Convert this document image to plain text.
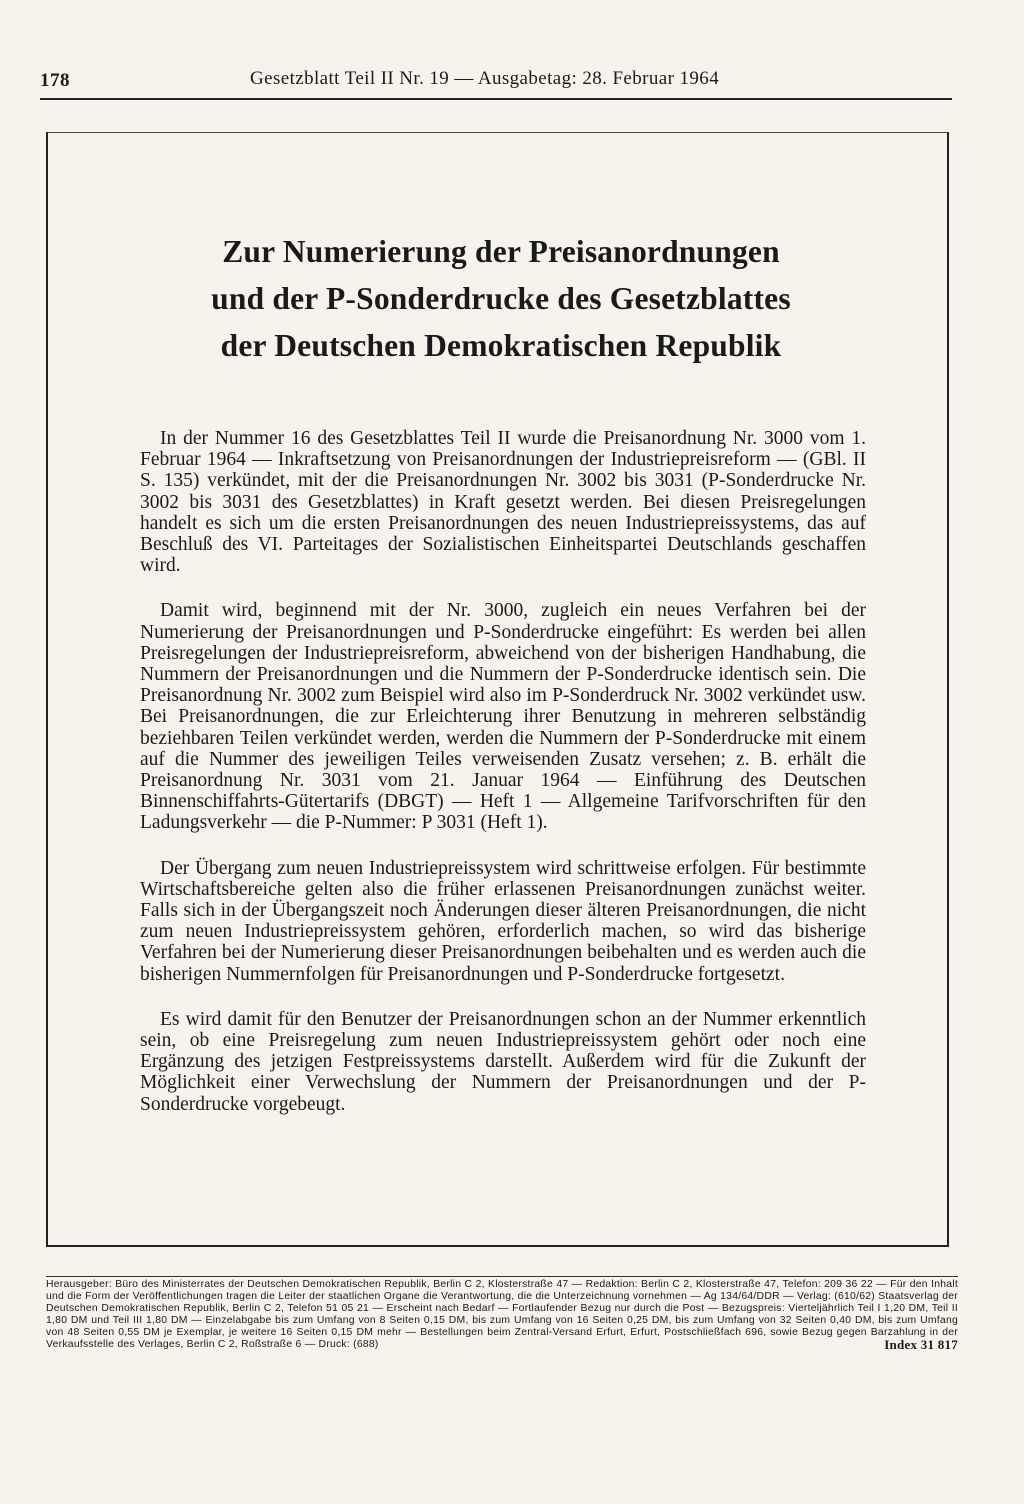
178	Gesetzblatt Teil II Nr. 19 — Ausgabetag: 28. Februar 1964
Zur Numerierung der Preisanordnungen
und der P-Sonderdrucke des Gesetzblattes
der Deutschen Demokratischen Republik

In der Nummer 16 des Gesetzblattes Teil II wurde die Preisanordnung Nr. 3000 vom 1. Februar 1964 — Inkraftsetzung von Preisanordnungen der Industriepreisreform — (GBl. II S. 135) verkündet, mit der die Preisanordnungen Nr. 3002 bis 3031 (P-Sonderdrucke Nr. 3002 bis 3031 des Gesetzblattes) in Kraft gesetzt werden. Bei diesen Preisregelungen handelt es sich um die ersten Preisanordnungen des neuen Industriepreissystems, das auf Beschluß des VI. Parteitages der Sozialistischen Einheitspartei Deutschlands geschaffen wird.

Damit wird, beginnend mit der Nr. 3000, zugleich ein neues Verfahren bei der Numerierung der Preisanordnungen und P-Sonderdrucke eingeführt: Es werden bei allen Preisregelungen der Industriepreisreform, abweichend von der bisherigen Handhabung, die Nummern der Preisanordnungen und die Nummern der P-Sonderdrucke identisch sein. Die Preisanordnung Nr. 3002 zum Beispiel wird also im P-Sonderdruck Nr. 3002 verkündet usw. Bei Preisanordnungen, die zur Erleichterung ihrer Benutzung in mehreren selbständig beziehbaren Teilen verkündet werden, werden die Nummern der P-Sonderdrucke mit einem auf die Nummer des jeweiligen Teiles verweisenden Zusatz versehen; z. B. erhält die Preisanordnung Nr. 3031 vom 21. Januar 1964 — Einführung des Deutschen Binnenschiffahrts-Gütertarifs (DBGT) — Heft 1 — Allgemeine Tarifvorschriften für den Ladungsverkehr — die P-Nummer: P 3031 (Heft 1).

Der Übergang zum neuen Industriepreissystem wird schrittweise erfolgen. Für bestimmte Wirtschaftsbereiche gelten also die früher erlassenen Preisanordnungen zunächst weiter. Falls sich in der Übergangszeit noch Änderungen dieser älteren Preisanordnungen, die nicht zum neuen Industriepreissystem gehören, erforderlich machen, so wird das bisherige Verfahren bei der Numerierung dieser Preisanordnungen beibehalten und es werden auch die bisherigen Nummernfolgen für Preisanordnungen und P-Sonderdrucke fortgesetzt.

Es wird damit für den Benutzer der Preisanordnungen schon an der Nummer erkenntlich sein, ob eine Preisregelung zum neuen Industriepreissystem gehört oder noch eine Ergänzung des jetzigen Festpreissystems darstellt. Außerdem wird für die Zukunft der Möglichkeit einer Verwechslung der Nummern der Preisanordnungen und der P-Sonderdrucke vorgebeugt.

Herausgeber: Büro des Ministerrates der Deutschen Demokratischen Republik, Berlin C 2, Klosterstraße 47 — Redaktion: Berlin C 2, Klosterstraße 47, Telefon: 209 36 22 — Für den Inhalt und die Form der Veröffentlichungen tragen die Leiter der staatlichen Organe die Verantwortung, die die Unterzeichnung vornehmen — Ag 134/64/DDR — Verlag: (610/62) Staatsverlag der Deutschen Demokratischen Republik, Berlin C 2, Telefon 51 05 21 — Erscheint nach Bedarf — Fortlaufender Bezug nur durch die Post — Bezugspreis: Vierteljährlich Teil I 1,20 DM, Teil II 1,80 DM und Teil III 1,80 DM — Einzelabgabe bis zum Umfang von 8 Seiten 0,15 DM, bis zum Umfang von 16 Seiten 0,25 DM, bis zum Umfang von 32 Seiten 0,40 DM, bis zum Umfang von 48 Seiten 0,55 DM je Exemplar, je weitere 16 Seiten 0,15 DM mehr — Bestellungen beim Zentral-Versand Erfurt, Erfurt, Postschließfach 696, sowie Bezug gegen Barzahlung in der Verkaufsstelle des Verlages, Berlin C 2, Roßstraße 6 — Druck: (688)	Index 31 817
